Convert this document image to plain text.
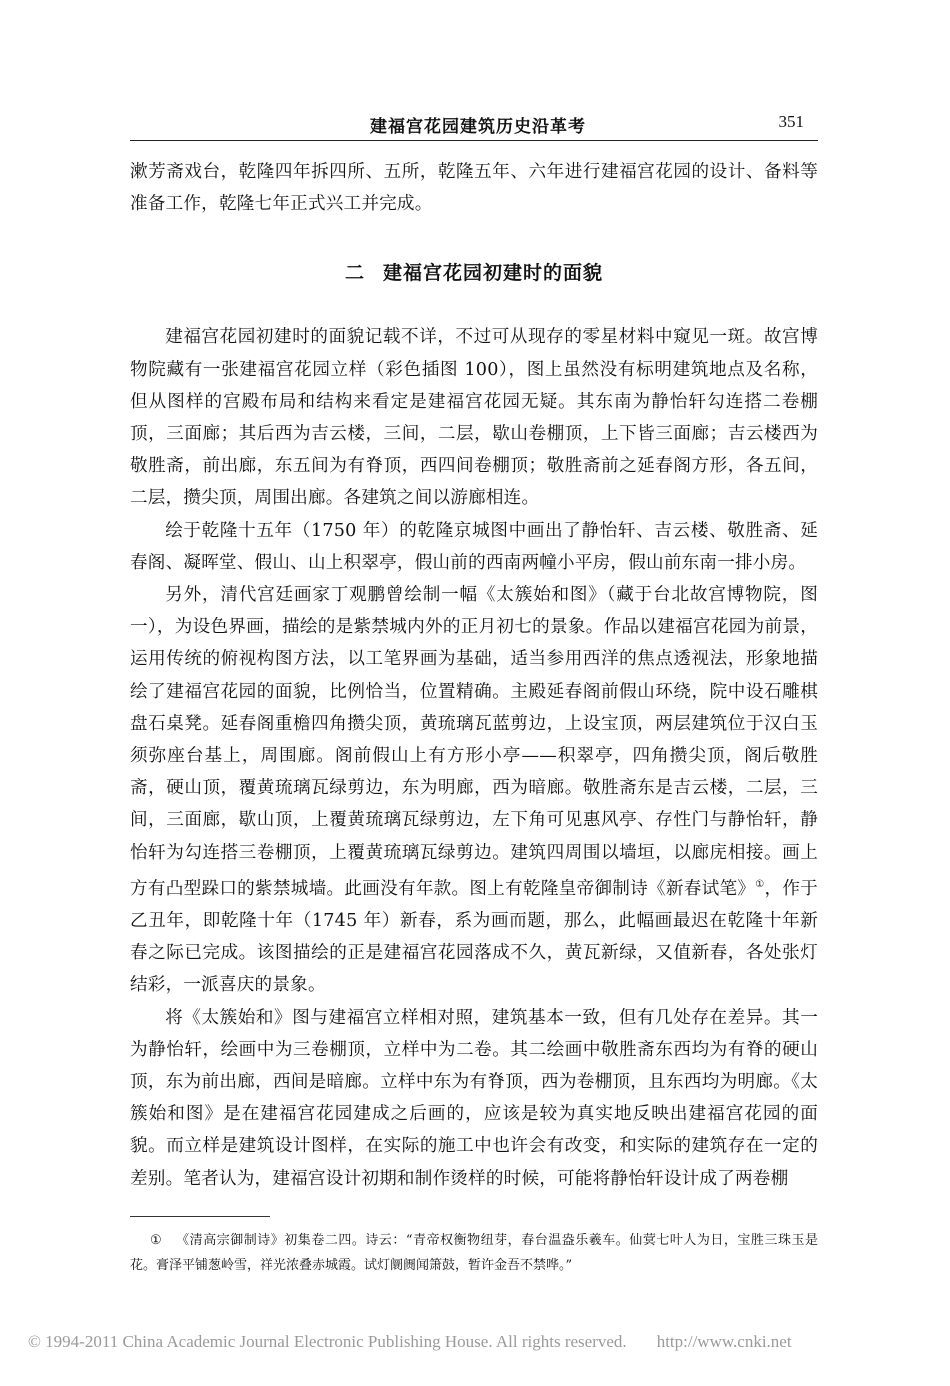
建福宫花园建筑历史沿革考	351

漱芳斋戏台，乾隆四年拆四所、五所，乾隆五年、六年进行建福宫花园的设计、备料等准备工作，乾隆七年正式兴工并完成。

二 建福宫花园初建时的面貌

建福宫花园初建时的面貌记载不详，不过可从现存的零星材料中窥见一斑。故宫博物院藏有一张建福宫花园立样（彩色插图 100），图上虽然没有标明建筑地点及名称，但从图样的宫殿布局和结构来看定是建福宫花园无疑。其东南为静怡轩勾连搭二卷棚顶，三面廊；其后西为吉云楼，三间，二层，歇山卷棚顶，上下皆三面廊；吉云楼西为敬胜斋，前出廊，东五间为有脊顶，西四间卷棚顶；敬胜斋前之延春阁方形，各五间，二层，攒尖顶，周围出廊。各建筑之间以游廊相连。

绘于乾隆十五年（1750 年）的乾隆京城图中画出了静怡轩、吉云楼、敬胜斋、延春阁、凝晖堂、假山、山上积翠亭，假山前的西南两幢小平房，假山前东南一排小房。

另外，清代宫廷画家丁观鹏曾绘制一幅《太簇始和图》（藏于台北故宫博物院，图一），为设色界画，描绘的是紫禁城内外的正月初七的景象。作品以建福宫花园为前景，运用传统的俯视构图方法，以工笔界画为基础，适当参用西洋的焦点透视法，形象地描绘了建福宫花园的面貌，比例恰当，位置精确。主殿延春阁前假山环绕，院中设石雕棋盘石桌凳。延春阁重檐四角攒尖顶，黄琉璃瓦蓝剪边，上设宝顶，两层建筑位于汉白玉须弥座台基上，周围廊。阁前假山上有方形小亭——积翠亭，四角攒尖顶，阁后敬胜斋，硬山顶，覆黄琉璃瓦绿剪边，东为明廊，西为暗廊。敬胜斋东是吉云楼，二层，三间，三面廊，歇山顶，上覆黄琉璃瓦绿剪边，左下角可见惠风亭、存性门与静怡轩，静怡轩为勾连搭三卷棚顶，上覆黄琉璃瓦绿剪边。建筑四周围以墙垣，以廊庑相接。画上方有凸型跺口的紫禁城墙。此画没有年款。图上有乾隆皇帝御制诗《新春试笔》①，作于乙丑年，即乾隆十年（1745 年）新春，系为画而题，那么，此幅画最迟在乾隆十年新春之际已完成。该图描绘的正是建福宫花园落成不久，黄瓦新绿，又值新春，各处张灯结彩，一派喜庆的景象。

将《太簇始和》图与建福宫立样相对照，建筑基本一致，但有几处存在差异。其一为静怡轩，绘画中为三卷棚顶，立样中为二卷。其二绘画中敬胜斋东西均为有脊的硬山顶，东为前出廊，西间是暗廊。立样中东为有脊顶，西为卷棚顶，且东西均为明廊。《太簇始和图》是在建福宫花园建成之后画的，应该是较为真实地反映出建福宫花园的面貌。而立样是建筑设计图样，在实际的施工中也许会有改变，和实际的建筑存在一定的差别。笔者认为，建福宫设计初期和制作烫样的时候，可能将静怡轩设计成了两卷棚

① 《清高宗御制诗》初集卷二四。诗云：“青帝权衡物纽芽，春台温盎乐羲车。仙蓂七叶人为日，宝胜三珠玉是花。膏泽平铺葱岭雪，祥光浓叠赤城霞。试灯阛阓闻箫鼓，暂许金吾不禁哗。”
© 1994-2011 China Academic Journal Electronic Publishing House. All rights reserved. http://www.cnki.net
